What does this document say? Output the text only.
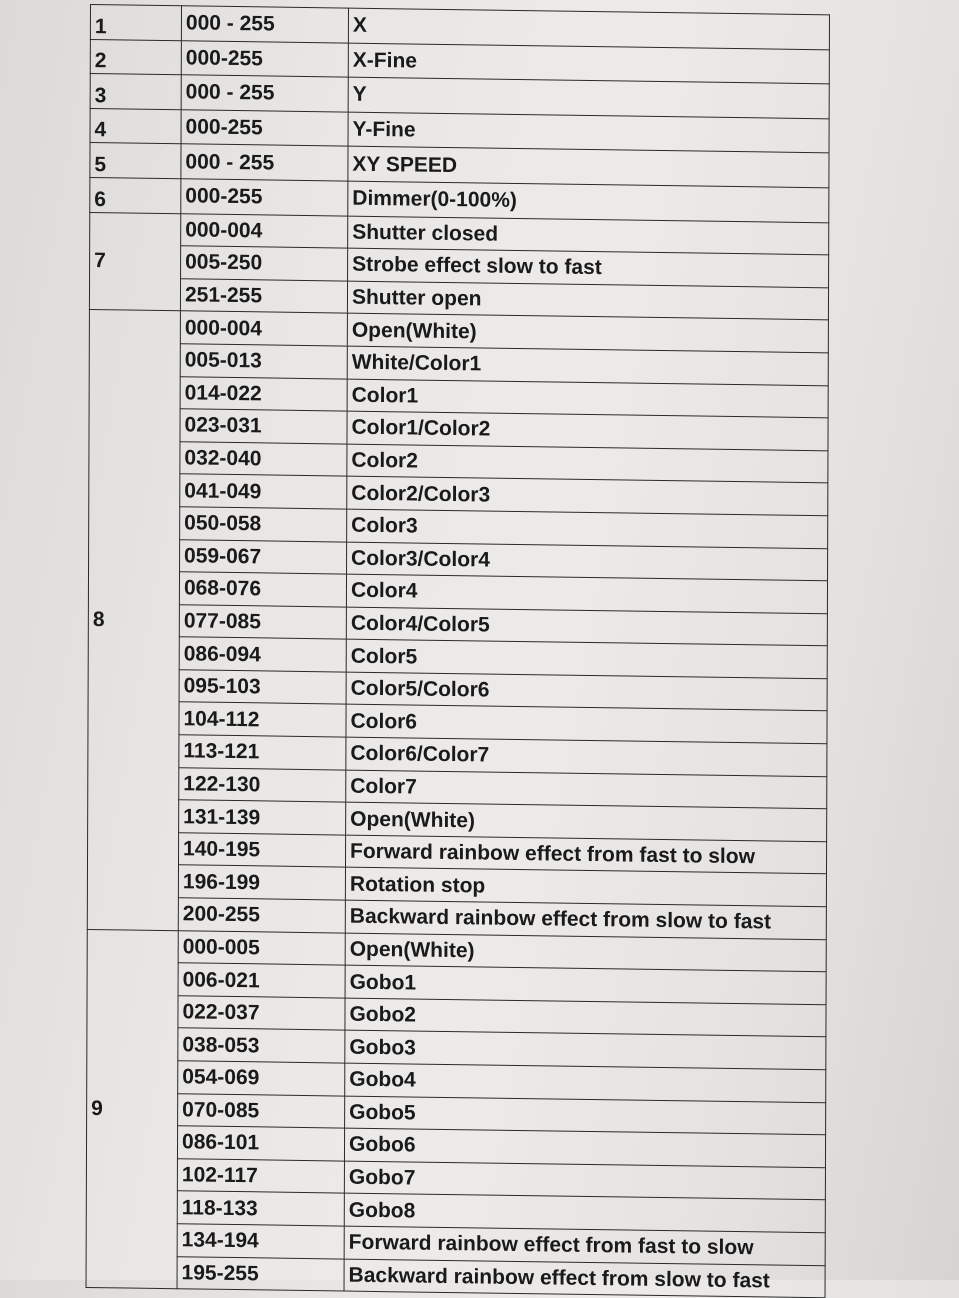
1	000 - 255	X
2	000-255	X-Fine
3	000 - 255	Y
4	000-255	Y-Fine
5	000 - 255	XY SPEED
6	000-255	Dimmer(0-100%)
7	000-004	Shutter closed
	005-250	Strobe effect slow to fast
	251-255	Shutter open
8	000-004	Open(White)
	005-013	White/Color1
	014-022	Color1
	023-031	Color1/Color2
	032-040	Color2
	041-049	Color2/Color3
	050-058	Color3
	059-067	Color3/Color4
	068-076	Color4
	077-085	Color4/Color5
	086-094	Color5
	095-103	Color5/Color6
	104-112	Color6
	113-121	Color6/Color7
	122-130	Color7
	131-139	Open(White)
	140-195	Forward rainbow effect from fast to slow
	196-199	Rotation stop
	200-255	Backward rainbow effect from slow to fast
9	000-005	Open(White)
	006-021	Gobo1
	022-037	Gobo2
	038-053	Gobo3
	054-069	Gobo4
	070-085	Gobo5
	086-101	Gobo6
	102-117	Gobo7
	118-133	Gobo8
	134-194	Forward rainbow effect from fast to slow
	195-255	Backward rainbow effect from slow to fast
